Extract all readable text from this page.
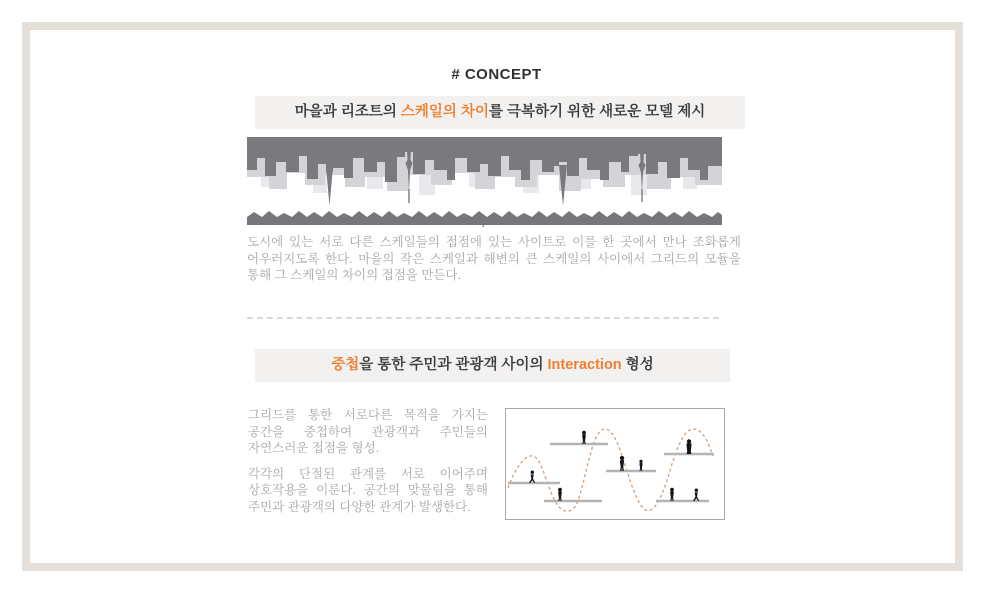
# CONCEPT
마을과 리조트의 스케일의 차이를 극복하기 위한 새로운 모델 제시

도시에 있는 서로 다른 스케일들의 접점에 있는 사이트로 이를 한 곳에서 만나 조화롭게 어우러지도록 한다. 마을의 작은 스케일과 해변의 큰 스케일의 사이에서 그리드의 모듈을 통해 그 스케일의 차이의 접점을 만든다.

중첩을 통한 주민과 관광객 사이의 Interaction 형성

그리드를 통한 서로다른 목적을 가지는 공간을 중첩하여 관광객과 주민들의 자연스러운 접점을 형성.

각각의 단절된 관계를 서로 이어주며 상호작용을 이룬다. 공간의 맞물림을 통해 주민과 관광객의 다양한 관계가 발생한다.
